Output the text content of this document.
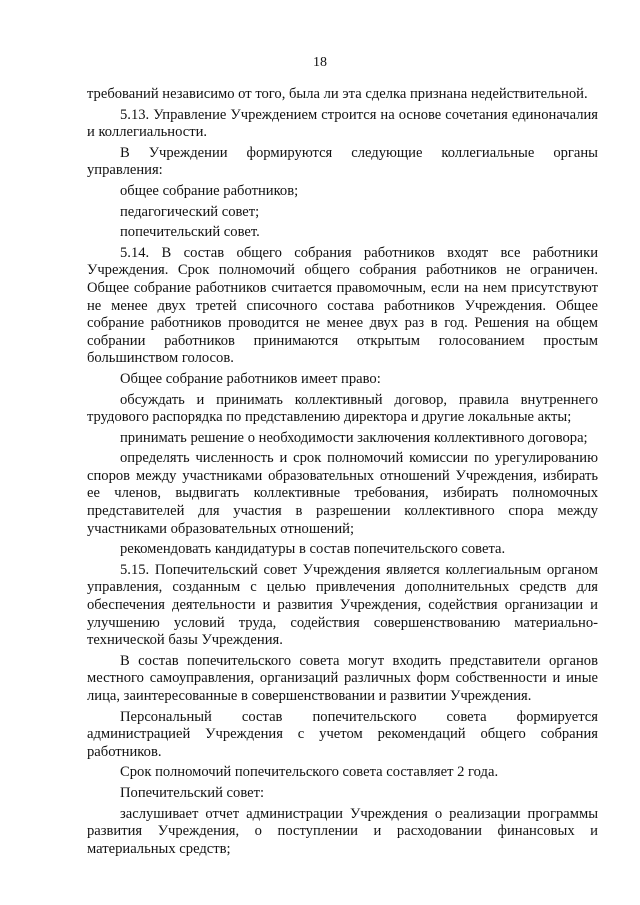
18

требований независимо от того, была ли эта сделка признана недействительной.

5.13. Управление Учреждением строится на основе сочетания единоначалия и коллегиальности.

В Учреждении формируются следующие коллегиальные органы управления:

общее собрание работников;

педагогический совет;

попечительский совет.

5.14. В состав общего собрания работников входят все работники Учреждения. Срок полномочий общего собрания работников не ограничен. Общее собрание работников считается правомочным, если на нем присутствуют не менее двух третей списочного состава работников Учреждения. Общее собрание работников проводится не менее двух раз в год. Решения на общем собрании работников принимаются открытым голосованием простым большинством голосов.

Общее собрание работников имеет право:

обсуждать и принимать коллективный договор, правила внутреннего трудового распорядка по представлению директора и другие локальные акты;

принимать решение о необходимости заключения коллективного договора;

определять численность и срок полномочий комиссии по урегулированию споров между участниками образовательных отношений Учреждения, избирать ее членов, выдвигать коллективные требования, избирать полномочных представителей для участия в разрешении коллективного спора между участниками образовательных отношений;

рекомендовать кандидатуры в состав попечительского совета.

5.15. Попечительский совет Учреждения является коллегиальным органом управления, созданным с целью привлечения дополнительных средств для обеспечения деятельности и развития Учреждения, содействия организации и улучшению условий труда, содействия совершенствованию материально-технической базы Учреждения.

В состав попечительского совета могут входить представители органов местного самоуправления, организаций различных форм собственности и иные лица, заинтересованные в совершенствовании и развитии Учреждения.

Персональный состав попечительского совета формируется администрацией Учреждения с учетом рекомендаций общего собрания работников.

Срок полномочий попечительского совета составляет 2 года.

Попечительский совет:

заслушивает отчет администрации Учреждения о реализации программы развития Учреждения, о поступлении и расходовании финансовых и материальных средств;
